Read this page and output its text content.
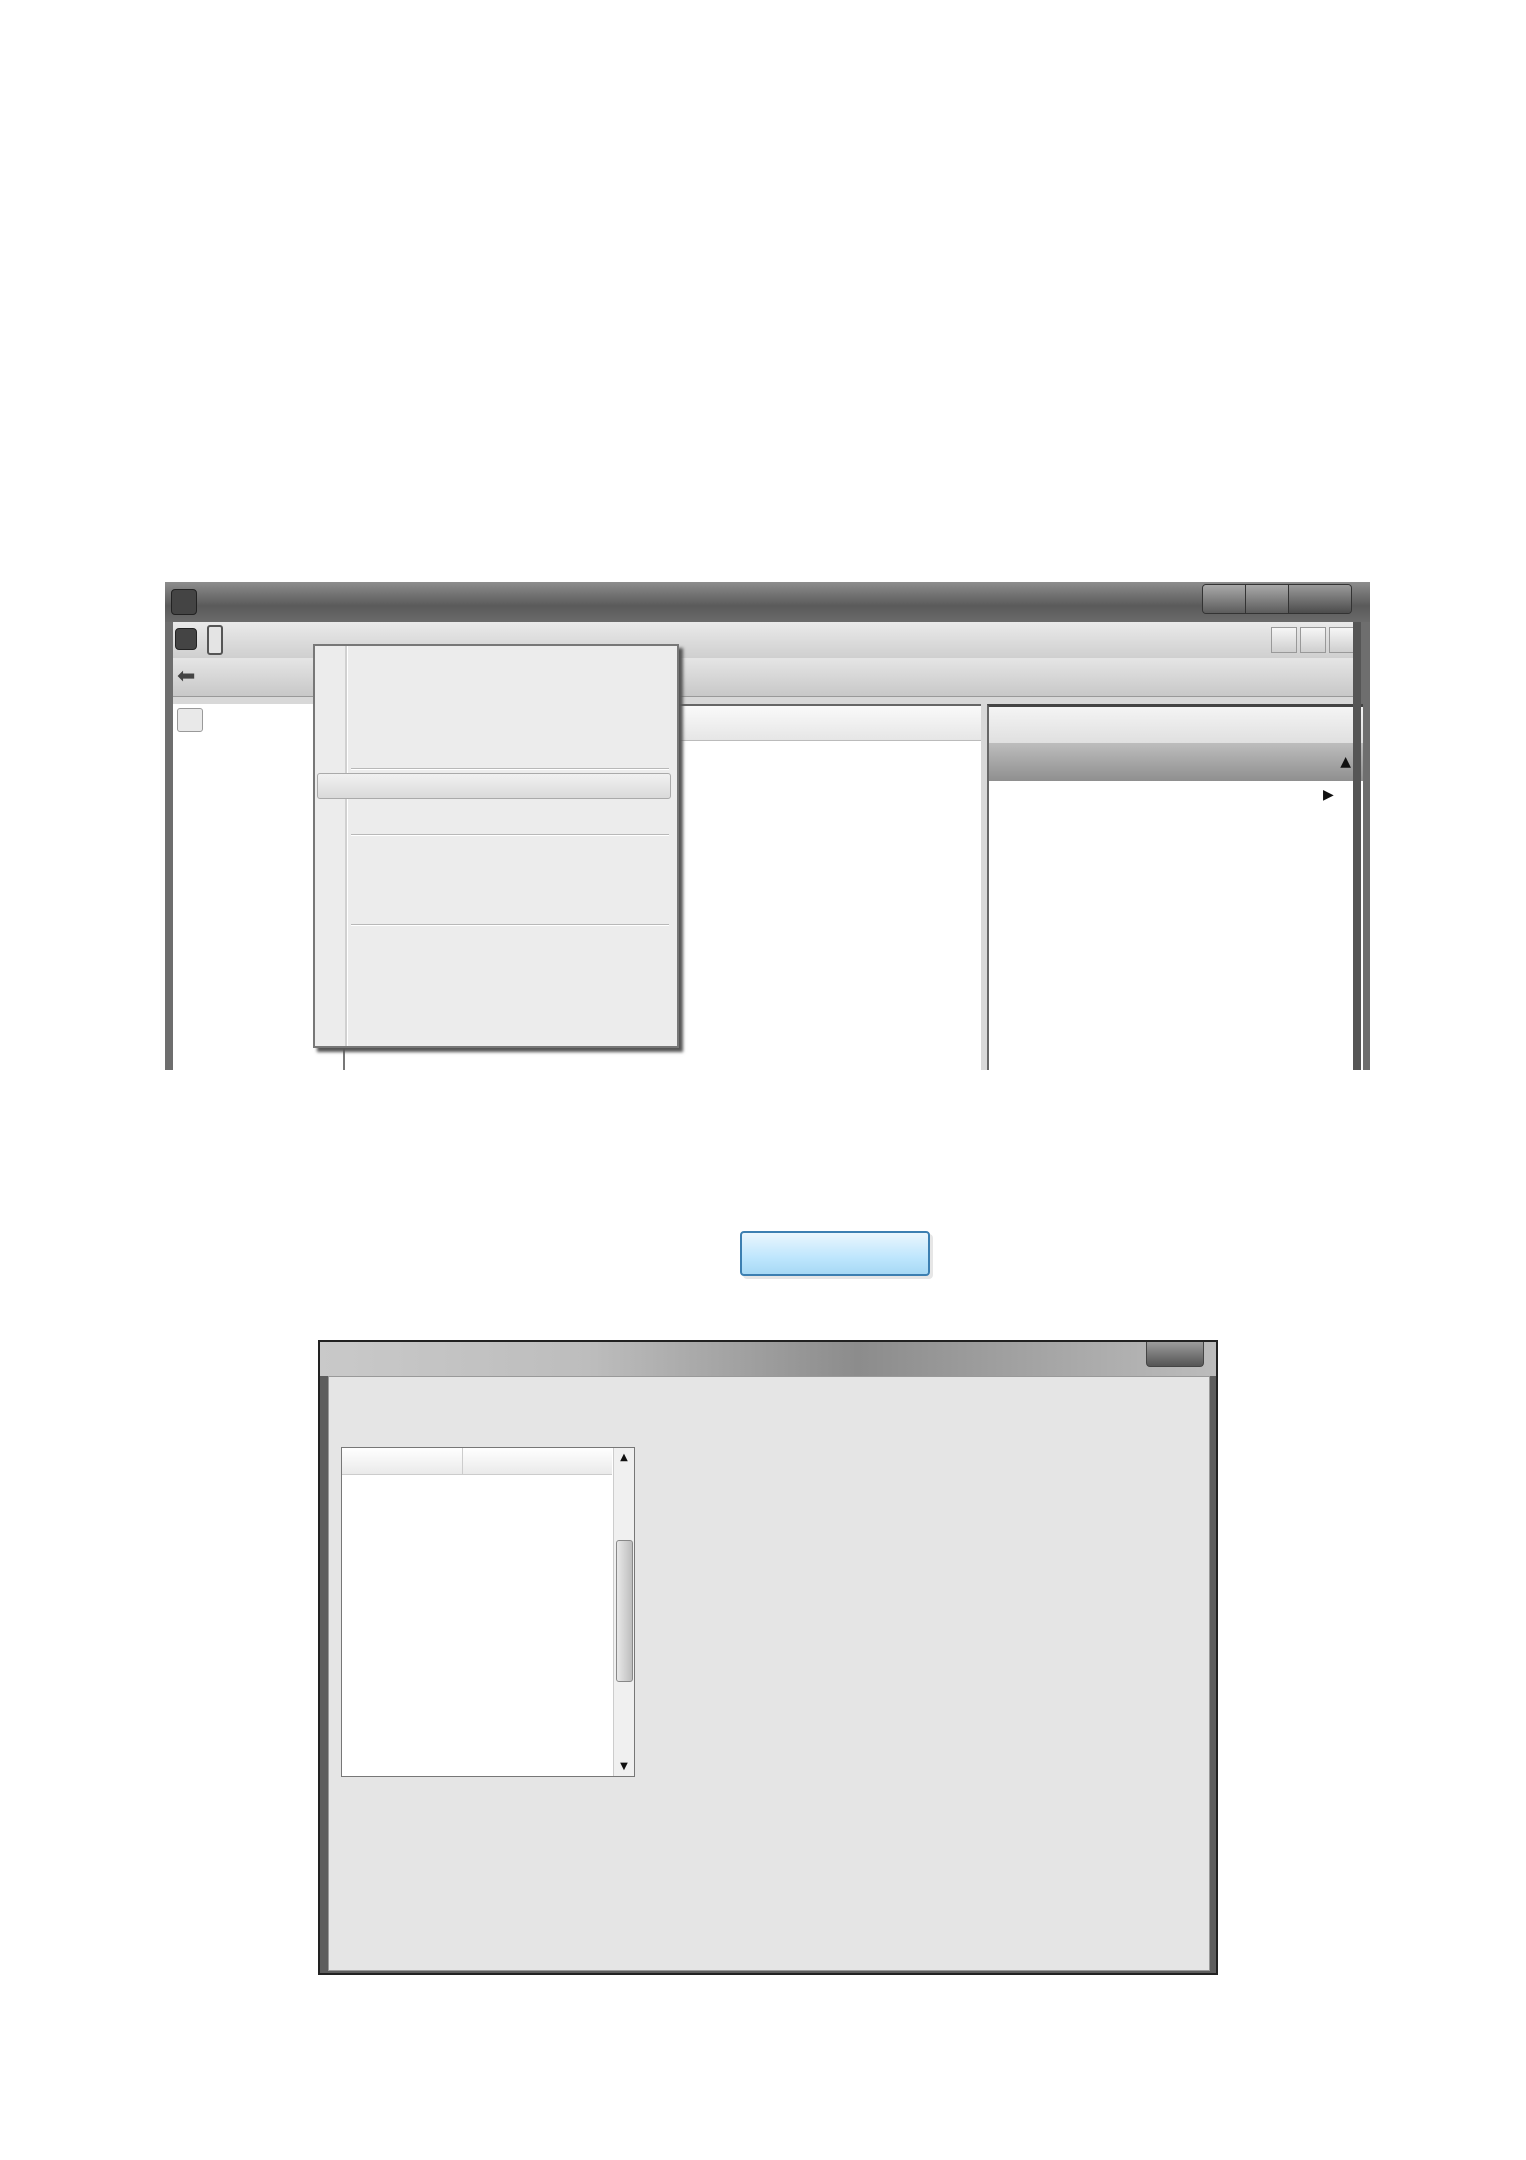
⬅
▲
▶

▲
▼
